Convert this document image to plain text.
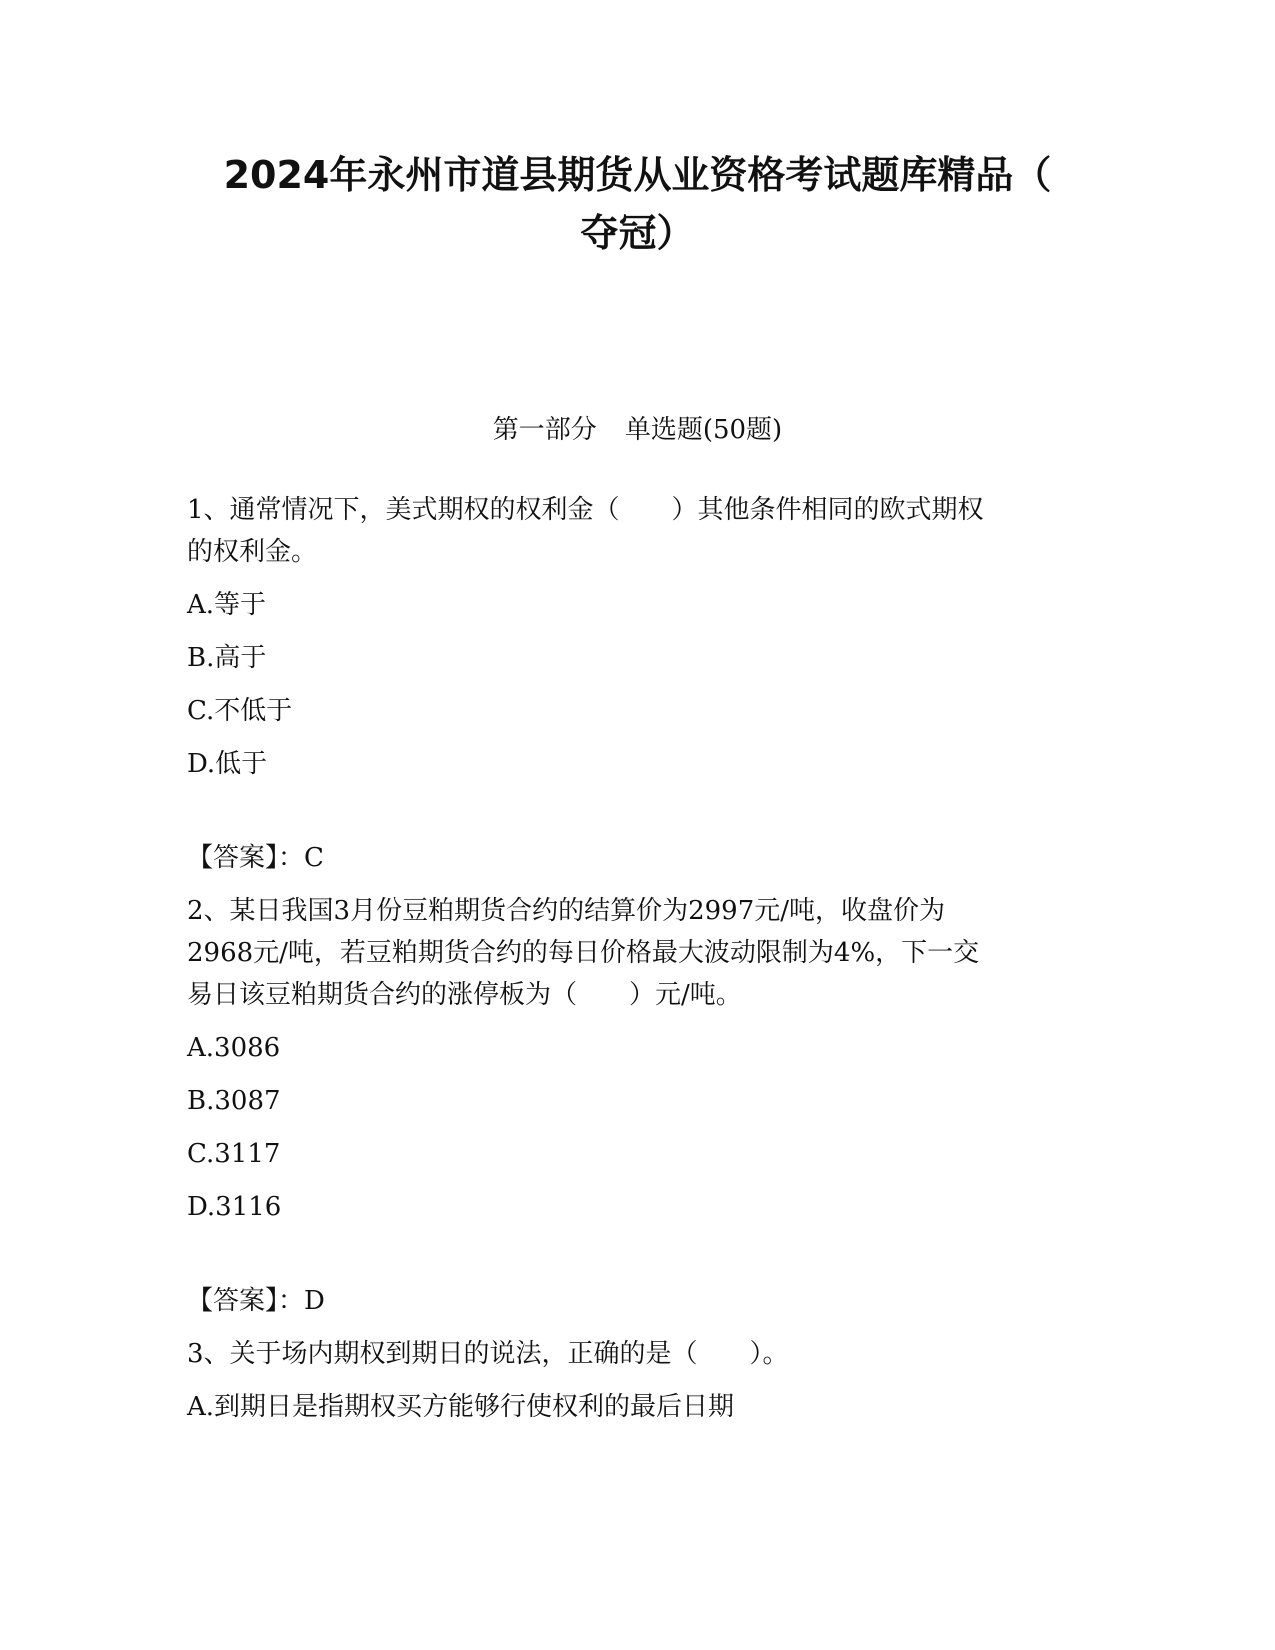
2024年永州市道县期货从业资格考试题库精品（
夺冠）
第一部分 单选题(50题)
1、通常情况下，美式期权的权利金（　　）其他条件相同的欧式期权
的权利金。
A.等于
B.高于
C.不低于
D.低于
【答案】：C
2、某日我国3月份豆粕期货合约的结算价为2997元/吨，收盘价为
2968元/吨，若豆粕期货合约的每日价格最大波动限制为4%，下一交
易日该豆粕期货合约的涨停板为（　　）元/吨。
A.3086
B.3087
C.3117
D.3116
【答案】：D
3、关于场内期权到期日的说法，正确的是（　　）。
A.到期日是指期权买方能够行使权利的最后日期
